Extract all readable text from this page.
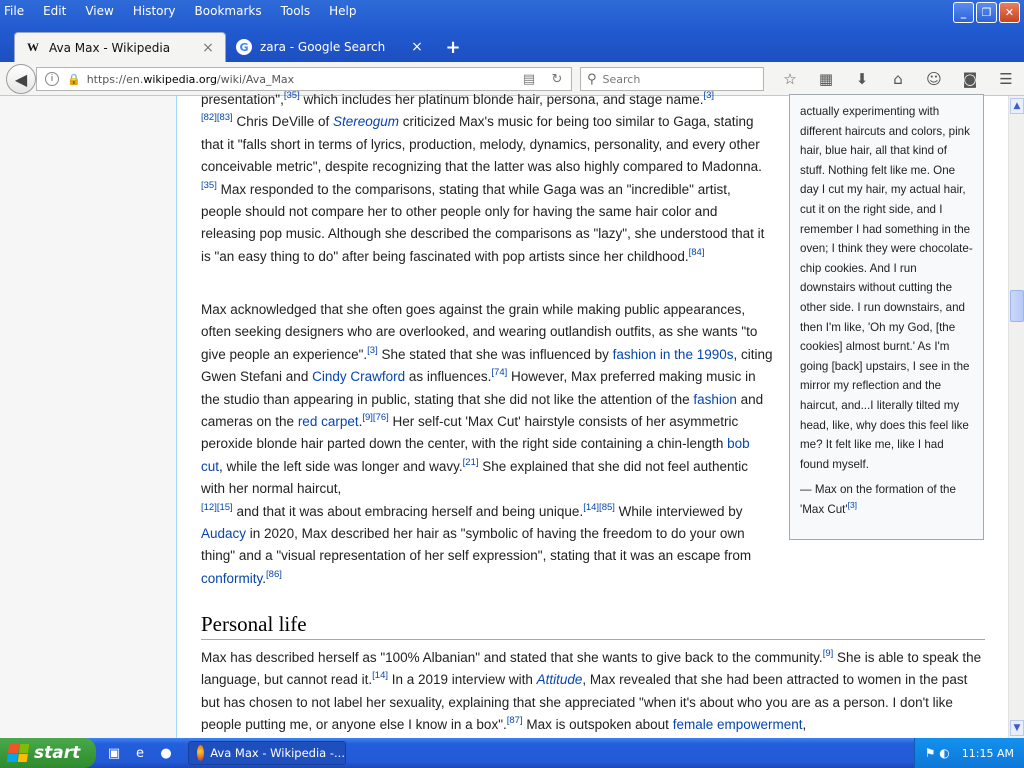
File Edit View History Bookmarks Tools Help	_	❐	✕
W Ava Max - Wikipedia	×	G zara - Google Search	× +
◀	i	🔒 https://en.wikipedia.org/wiki/Ava_Max	▤	↻	⚲ Search	☆	▦	⬇	⌂	☺	◙	☰
presentation",[35] which includes her platinum blonde hair, persona, and stage name.[3]
[82][83] Chris DeVille of Stereogum criticized Max's music for being too similar to Gaga, stating that it "falls short in terms of lyrics, production, melody, dynamics, personality, and every other conceivable metric", despite recognizing that the latter was also highly compared to Madonna.[35] Max responded to the comparisons, stating that while Gaga was an "incredible" artist, people should not compare her to other people only for having the same hair color and releasing pop music. Although she described the comparisons as "lazy", she understood that it is "an easy thing to do" after being fascinated with pop artists since her childhood.[84]
Max acknowledged that she often goes against the grain while making public appearances, often seeking designers who are overlooked, and wearing outlandish outfits, as she wants "to give people an experience".[3] She stated that she was influenced by fashion in the 1990s, citing Gwen Stefani and Cindy Crawford as influences.[74] However, Max preferred making music in the studio than appearing in public, stating that she did not like the attention of the fashion and cameras on the red carpet.[9][76] Her self-cut 'Max Cut' hairstyle consists of her asymmetric peroxide blonde hair parted down the center, with the right side containing a chin-length bob cut, while the left side was longer and wavy.[21] She explained that she did not feel authentic with her normal haircut,
[12][15] and that it was about embracing herself and being unique.[14][85] While interviewed by Audacy in 2020, Max described her hair as "symbolic of having the freedom to do your own thing" and a "visual representation of her self expression", stating that it was an escape from conformity.[86]
Personal life
Max has described herself as "100% Albanian" and stated that she wants to give back to the community.[9] She is able to speak the language, but cannot read it.[14] In a 2019 interview with Attitude, Max revealed that she had been attracted to women in the past but has chosen to not label her sexuality, explaining that she appreciated "when it's about who you are as a person. I don't like people putting me, or anyone else I know in a box".[87] Max is outspoken about female empowerment,
actually experimenting with different haircuts and colors, pink hair, blue hair, all that kind of stuff. Nothing felt like me. One day I cut my hair, my actual hair, cut it on the right side, and I remember I had something in the oven; I think they were chocolate-chip cookies. And I run downstairs without cutting the other side. I run downstairs, and then I'm like, 'Oh my God, [the cookies] almost burnt.' As I'm going [back] upstairs, I see in the mirror my reflection and the haircut, and...I literally tilted my head, like, why does this feel like me? It felt like me, like I had found myself.
— Max on the formation of the 'Max Cut'[3]
▲
▼
start ▣	e	●	Ava Max - Wikipedia -...	⚑ ◐ 11:15 AM
